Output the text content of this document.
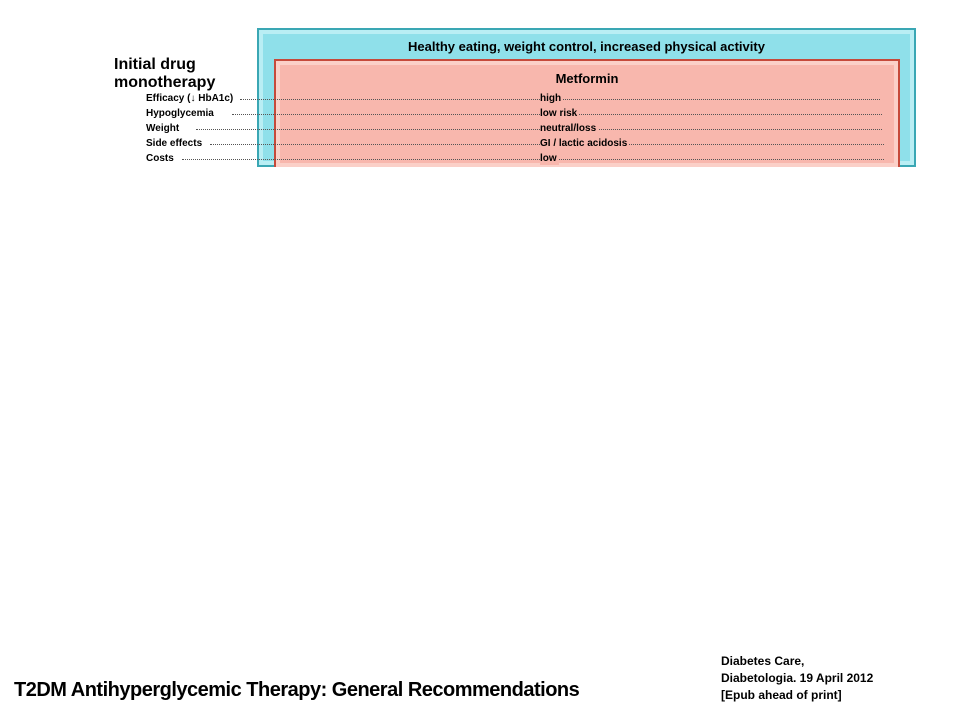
Initial drug
monotherapy
Healthy eating, weight control, increased physical activity
Metformin
Efficacy (↓ HbA1c)
Hypoglycemia
Weight
Side effects
Costs
high
low risk
neutral/loss
GI / lactic acidosis
low
T2DM Antihyperglycemic Therapy: General Recommendations
Diabetes Care,
Diabetologia. 19 April 2012
[Epub ahead of print]
